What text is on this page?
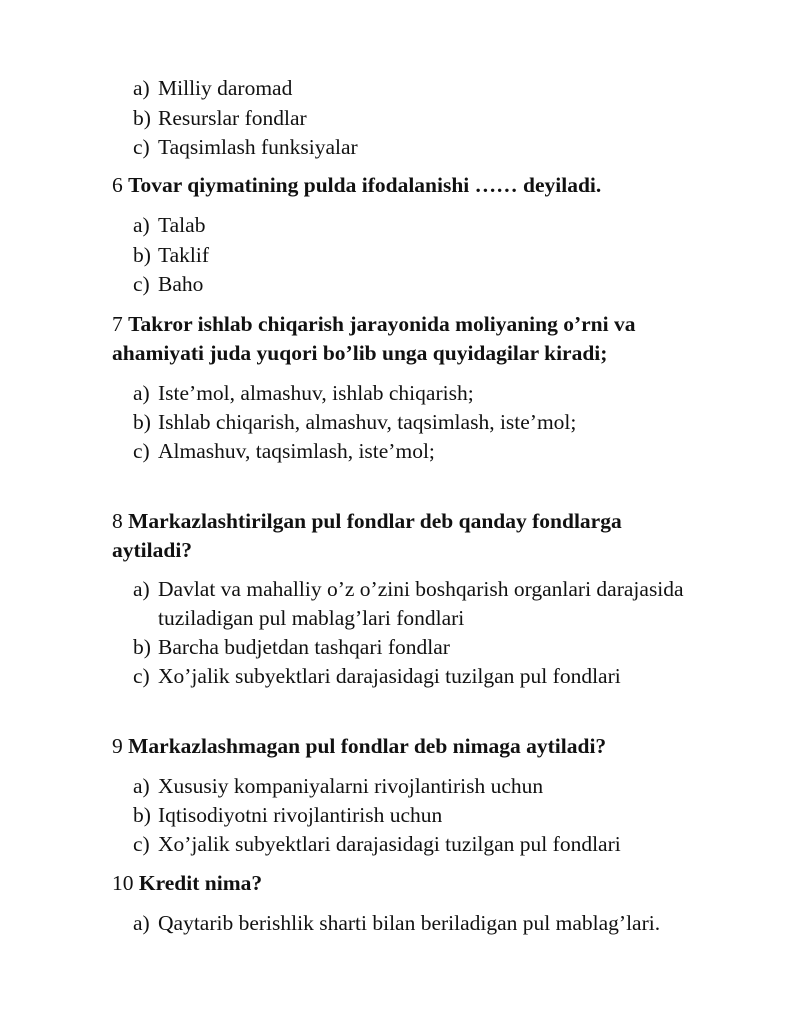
a) Milliy daromad
b) Resurslar fondlar
c) Taqsimlash funksiyalar
6 Tovar qiymatining pulda ifodalanishi …… deyiladi.
a) Talab
b) Taklif
c) Baho
7 Takror ishlab chiqarish jarayonida moliyaning o’rni va
ahamiyati juda yuqori bo’lib unga quyidagilar kiradi;
a) Iste’mol, almashuv, ishlab chiqarish;
b) Ishlab chiqarish, almashuv, taqsimlash, iste’mol;
c) Almashuv, taqsimlash, iste’mol;
8 Markazlashtirilgan pul fondlar deb qanday fondlarga
aytiladi?
a) Davlat va mahalliy o’z o’zini boshqarish organlari darajasida
tuziladigan pul mablag’lari fondlari
b) Barcha budjetdan tashqari fondlar
c) Xo’jalik subyektlari darajasidagi tuzilgan pul fondlari
9 Markazlashmagan pul fondlar deb nimaga aytiladi?
a) Xususiy kompaniyalarni rivojlantirish uchun
b) Iqtisodiyotni rivojlantirish uchun
c) Xo’jalik subyektlari darajasidagi tuzilgan pul fondlari
10 Kredit nima?
a) Qaytarib berishlik sharti bilan beriladigan pul mablag’lari.
